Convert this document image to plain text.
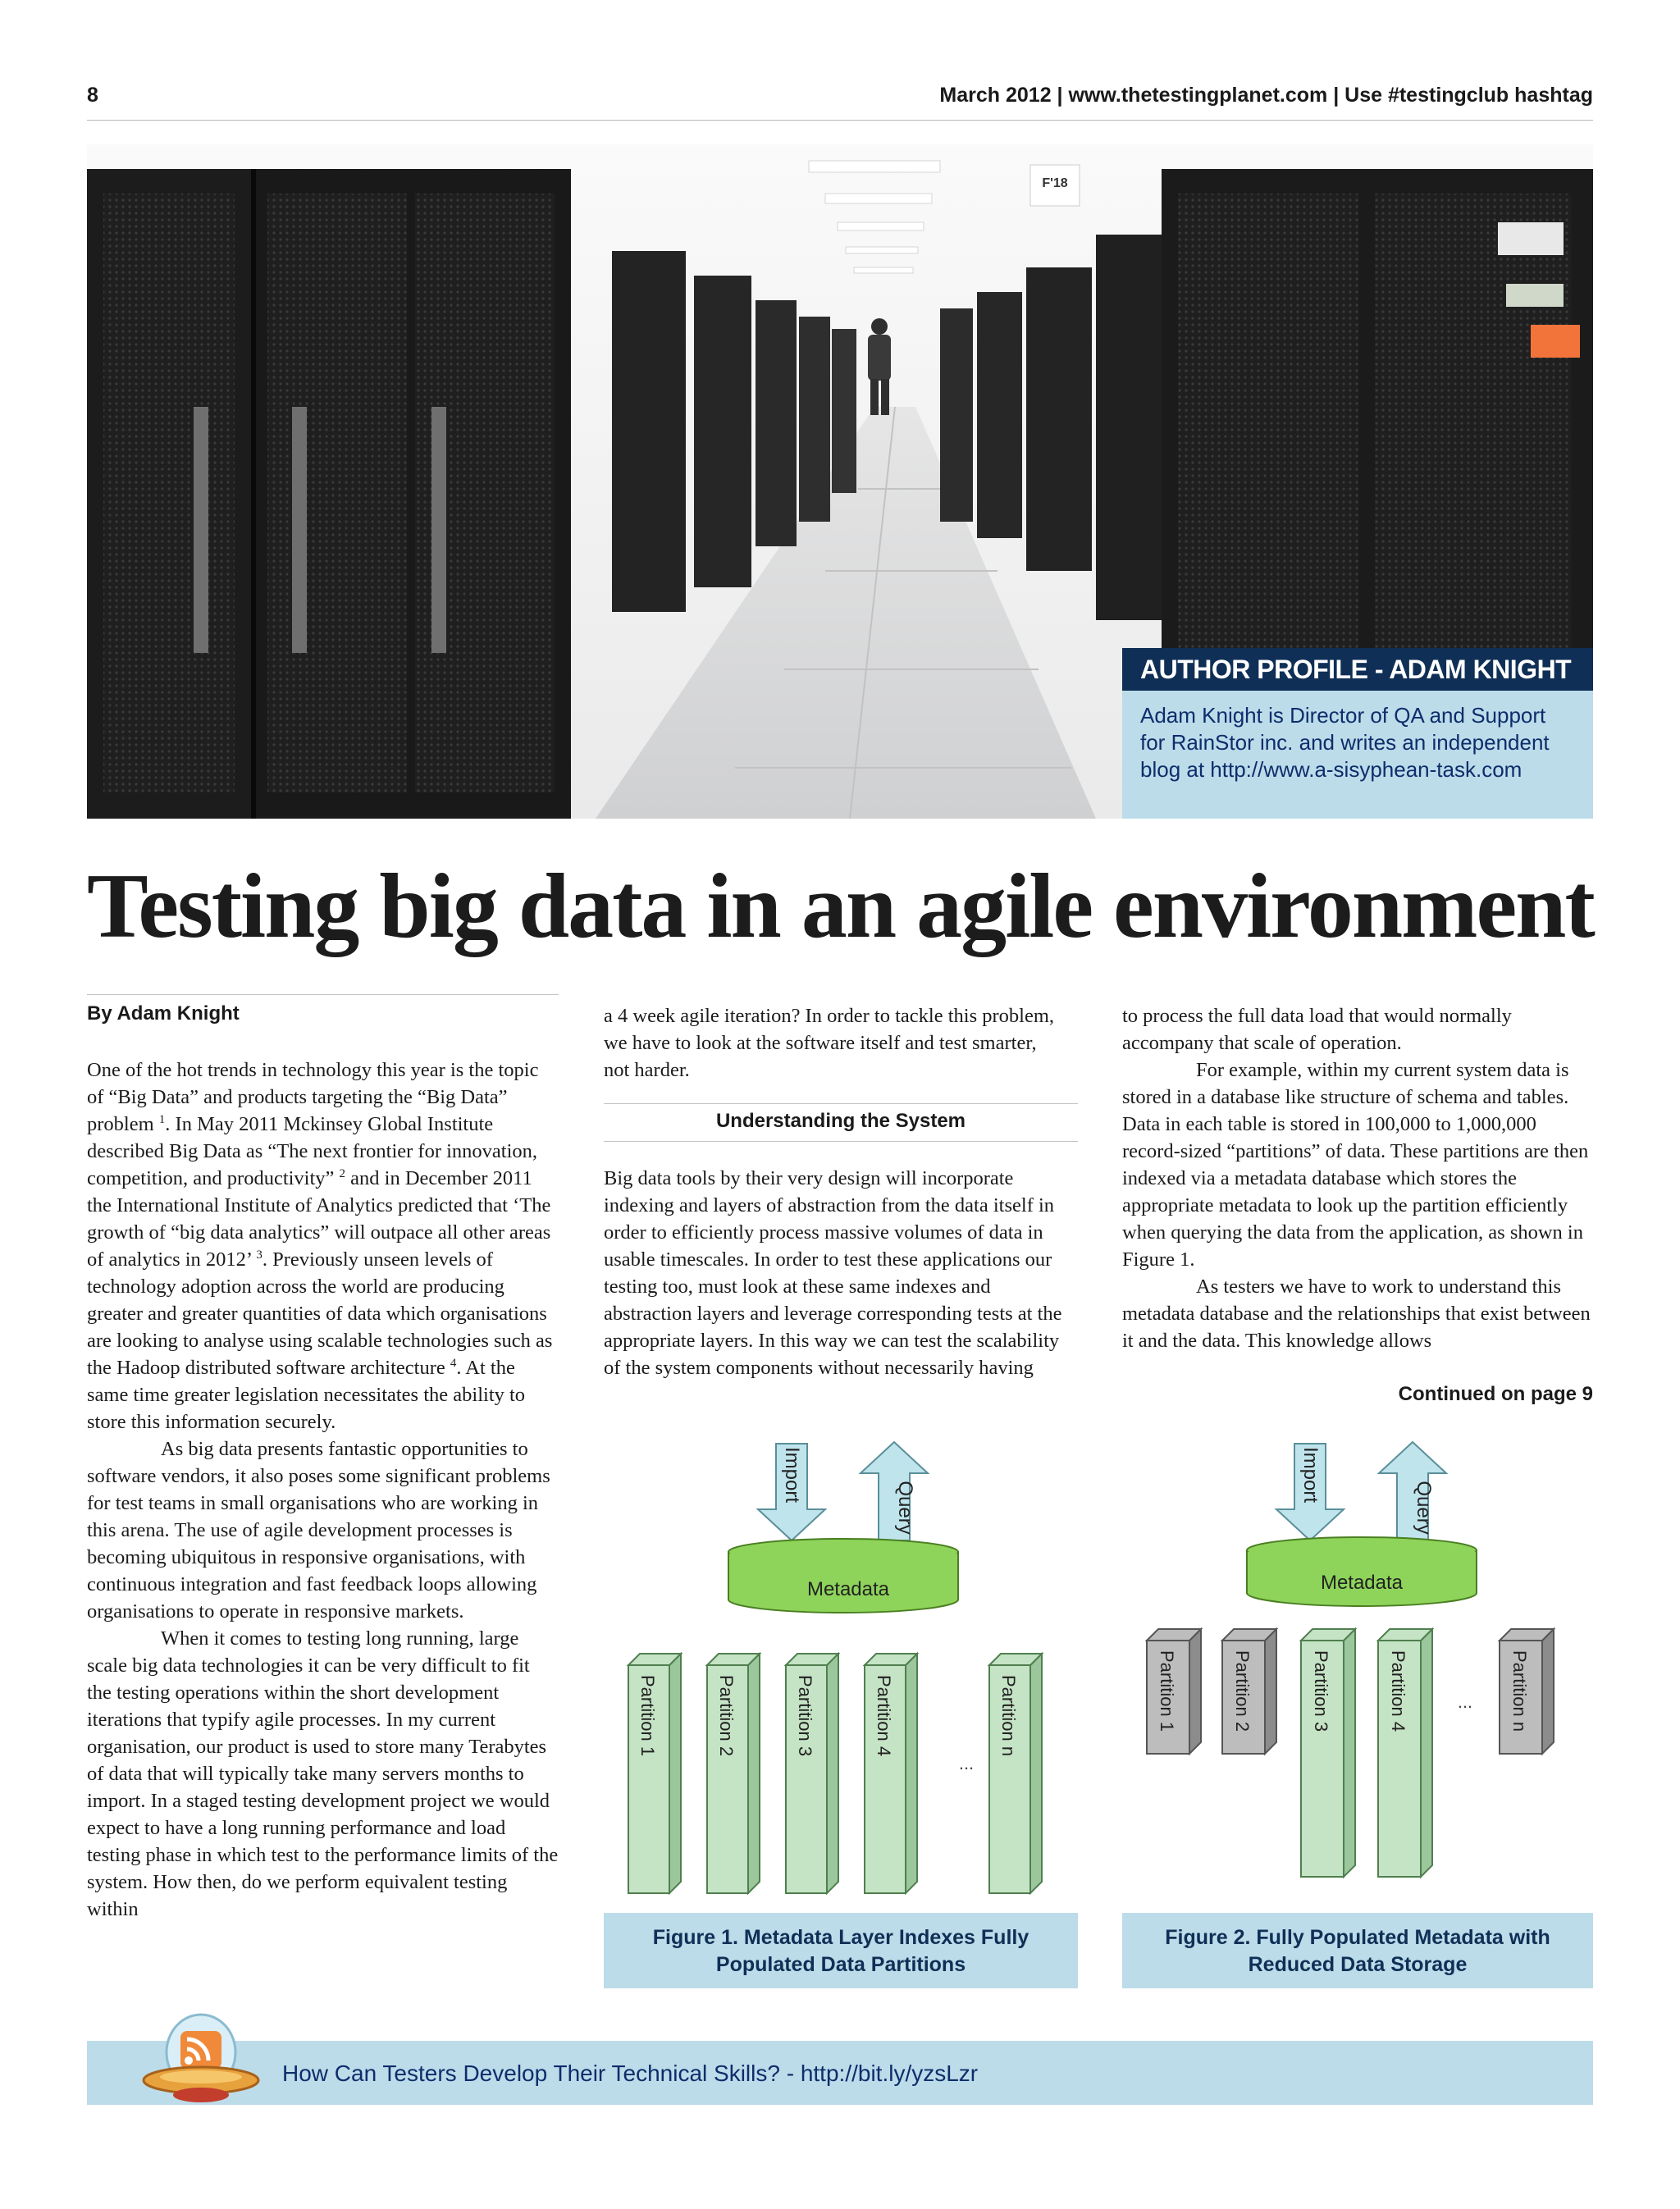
8	March 2012 | www.thetestingplanet.com | Use #testingclub hashtag
F'18
AUTHOR PROFILE - ADAM KNIGHT
Adam Knight is Director of QA and Support
for RainStor inc. and writes an independent
blog at http://www.a-sisyphean-task.com
Testing big data in an agile environment
By Adam Knight

One of the hot trends in technology this year is the topic of “Big Data” and products targeting the “Big Data” problem $^1$. In May 2011 Mckinsey Global Institute described Big Data as “The next frontier for innovation, competition, and productivity” $^2$ and in December 2011 the International Institute of Analytics predicted that ‘The growth of “big data analytics” will outpace all other areas of analytics in 2012’ $^3$. Previously unseen levels of technology adoption across the world are producing greater and greater quantities of data which organisations are looking to analyse using scalable technologies such as the Hadoop distributed software architecture $^4$. At the same time greater legislation necessitates the ability to store this information securely.

As big data presents fantastic opportunities to software vendors, it also poses some significant problems for test teams in small organisations who are working in this arena. The use of agile development processes is becoming ubiquitous in responsive organisations, with continuous integration and fast feedback loops allowing organisations to operate in responsive markets.

When it comes to testing long running, large scale big data technologies it can be very difficult to fit the testing operations within the short development iterations that typify agile processes. In my current organisation, our product is used to store many Terabytes of data that will typically take many servers months to import. In a staged testing development project we would expect to have a long running performance and load testing phase in which test to the performance limits of the system. How then, do we perform equivalent testing within

a 4 week agile iteration? In order to tackle this problem, we have to look at the software itself and test smarter, not harder.

Understanding the System

Big data tools by their very design will incorporate indexing and layers of abstraction from the data itself in order to efficiently process massive volumes of data in usable timescales. In order to test these applications our testing too, must look at these same indexes and abstraction layers and leverage corresponding tests at the appropriate layers. In this way we can test the scalability of the system components without necessarily having

to process the full data load that would normally accompany that scale of operation.

For example, within my current system data is stored in a database like structure of schema and tables. Data in each table is stored in 100,000 to 1,000,000 record-sized “partitions” of data. These partitions are then indexed via a metadata database which stores the appropriate metadata to look up the partition efficiently when querying the data from the application, as shown in Figure 1.

As testers we have to work to understand this metadata database and the relationships that exist between it and the data. This knowledge allows

Continued on page 9
Import
Query
Metadata
Partition 1	Partition 2	Partition 3	Partition 4	Partition n
...
Figure 1. Metadata Layer Indexes Fully
Populated Data Partitions
Import
Query
Metadata
Partition 1	Partition 2	Partition 3	Partition 4	Partition n
...
Figure 2. Fully Populated Metadata with
Reduced Data Storage
How Can Testers Develop Their Technical Skills? - http://bit.ly/yzsLzr
